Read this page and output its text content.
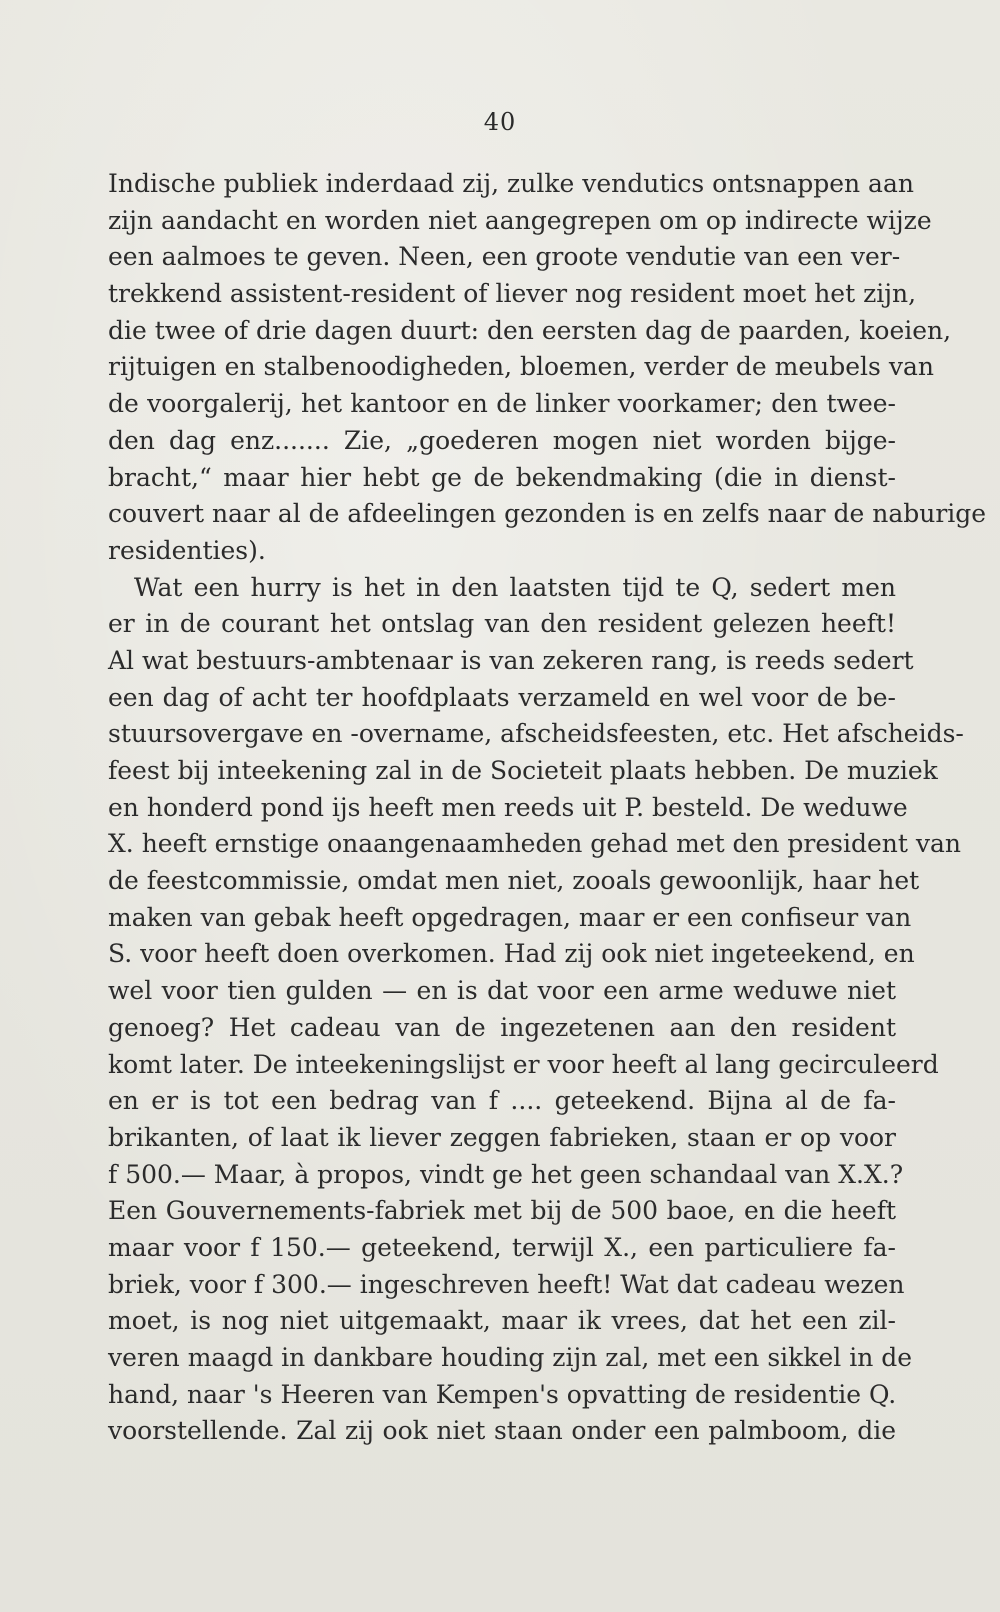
40
Indische publiek inderdaad zij, zulke vendutics ontsnappen aan
zijn aandacht en worden niet aangegrepen om op indirecte wijze
een aalmoes te geven. Neen, een groote vendutie van een ver-
trekkend assistent-resident of liever nog resident moet het zijn,
die twee of drie dagen duurt: den eersten dag de paarden, koeien,
rijtuigen en stalbenoodigheden, bloemen, verder de meubels van
de voorgalerij, het kantoor en de linker voorkamer; den twee-
den dag enz....... Zie, „goederen mogen niet worden bijge-
bracht,“ maar hier hebt ge de bekendmaking (die in dienst-
couvert naar al de afdeelingen gezonden is en zelfs naar de naburige
residenties).
Wat een hurry is het in den laatsten tijd te Q, sedert men
er in de courant het ontslag van den resident gelezen heeft!
Al wat bestuurs-ambtenaar is van zekeren rang, is reeds sedert
een dag of acht ter hoofdplaats verzameld en wel voor de be-
stuursovergave en -overname, afscheidsfeesten, etc. Het afscheids-
feest bij inteekening zal in de Societeit plaats hebben. De muziek
en honderd pond ijs heeft men reeds uit P. besteld. De weduwe
X. heeft ernstige onaangenaamheden gehad met den president van
de feestcommissie, omdat men niet, zooals gewoonlijk, haar het
maken van gebak heeft opgedragen, maar er een confiseur van
S. voor heeft doen overkomen. Had zij ook niet ingeteekend, en
wel voor tien gulden — en is dat voor een arme weduwe niet
genoeg? Het cadeau van de ingezetenen aan den resident
komt later. De inteekeningslijst er voor heeft al lang gecirculeerd
en er is tot een bedrag van f .... geteekend. Bijna al de fa-
brikanten, of laat ik liever zeggen fabrieken, staan er op voor
f 500.— Maar, à propos, vindt ge het geen schandaal van X.X.?
Een Gouvernements-fabriek met bij de 500 baoe, en die heeft
maar voor f 150.— geteekend, terwijl X., een particuliere fa-
briek, voor f 300.— ingeschreven heeft! Wat dat cadeau wezen
moet, is nog niet uitgemaakt, maar ik vrees, dat het een zil-
veren maagd in dankbare houding zijn zal, met een sikkel in de
hand, naar 's Heeren van Kempen's opvatting de residentie Q.
voorstellende. Zal zij ook niet staan onder een palmboom, die
